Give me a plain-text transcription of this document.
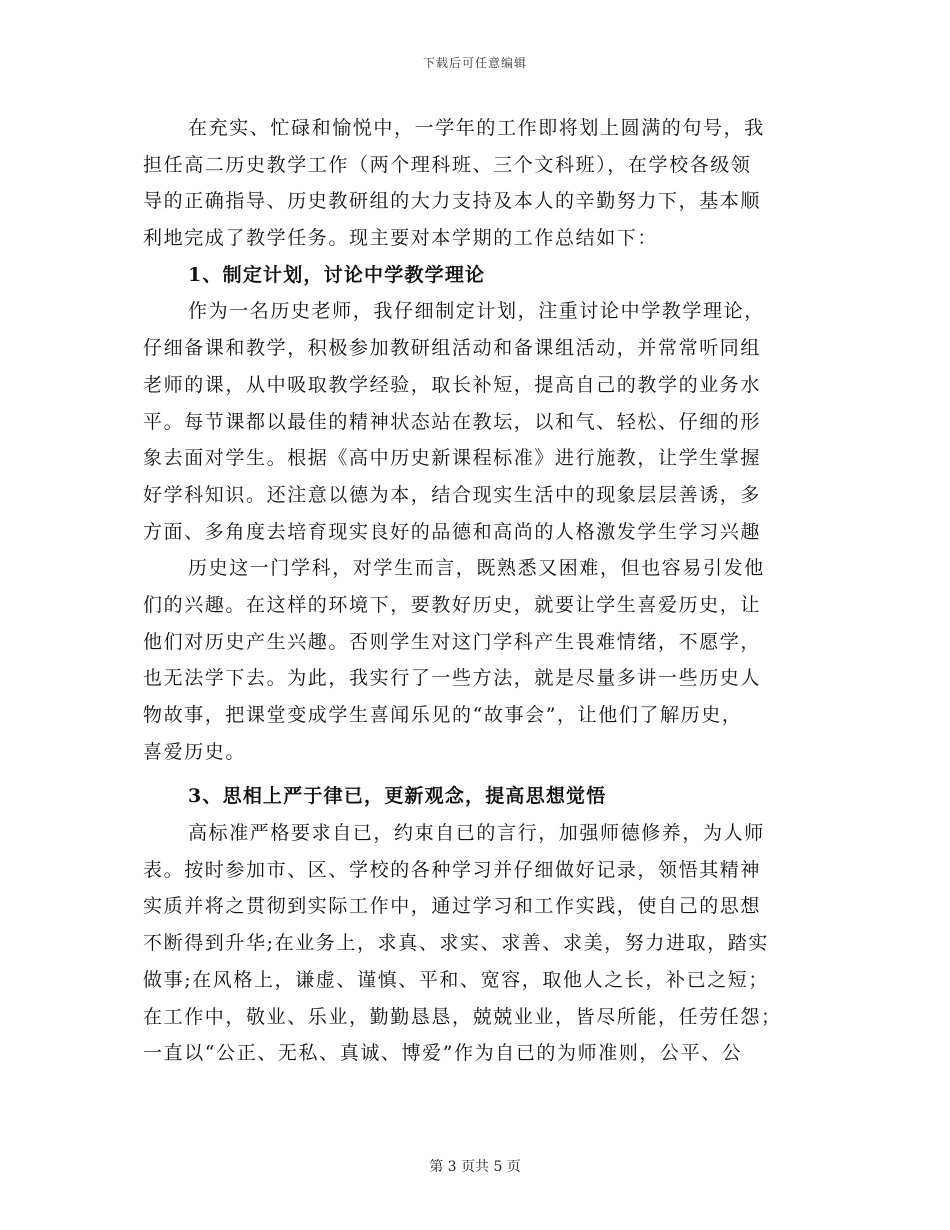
下载后可任意编辑
在充实、忙碌和愉悦中，一学年的工作即将划上圆满的句号，我
担任高二历史教学工作（两个理科班、三个文科班），在学校各级领
导的正确指导、历史教研组的大力支持及本人的辛勤努力下，基本顺
利地完成了教学任务。现主要对本学期的工作总结如下：
1、制定计划，讨论中学教学理论
作为一名历史老师，我仔细制定计划，注重讨论中学教学理论，
仔细备课和教学，积极参加教研组活动和备课组活动，并常常听同组
老师的课，从中吸取教学经验，取长补短，提高自己的教学的业务水
平。每节课都以最佳的精神状态站在教坛，以和气、轻松、仔细的形
象去面对学生。根据《高中历史新课程标准》进行施教，让学生掌握
好学科知识。还注意以德为本，结合现实生活中的现象层层善诱，多
方面、多角度去培育现实良好的品德和高尚的人格激发学生学习兴趣
历史这一门学科，对学生而言，既熟悉又困难，但也容易引发他
们的兴趣。在这样的环境下，要教好历史，就要让学生喜爱历史，让
他们对历史产生兴趣。否则学生对这门学科产生畏难情绪，不愿学，
也无法学下去。为此，我实行了一些方法，就是尽量多讲一些历史人
物故事，把课堂变成学生喜闻乐见的“故事会”，让他们了解历史，
喜爱历史。
3、思相上严于律已，更新观念，提高思想觉悟
高标准严格要求自已，约束自已的言行，加强师德修养，为人师
表。按时参加市、区、学校的各种学习并仔细做好记录，领悟其精神
实质并将之贯彻到实际工作中，通过学习和工作实践，使自己的思想
不断得到升华;在业务上，求真、求实、求善、求美，努力进取，踏实
做事;在风格上，谦虚、谨慎、平和、宽容，取他人之长，补已之短；
在工作中，敬业、乐业，勤勤恳恳，兢兢业业，皆尽所能，任劳任怨；
一直以“公正、无私、真诚、博爱”作为自已的为师准则，公平、公
第 3 页共 5 页
